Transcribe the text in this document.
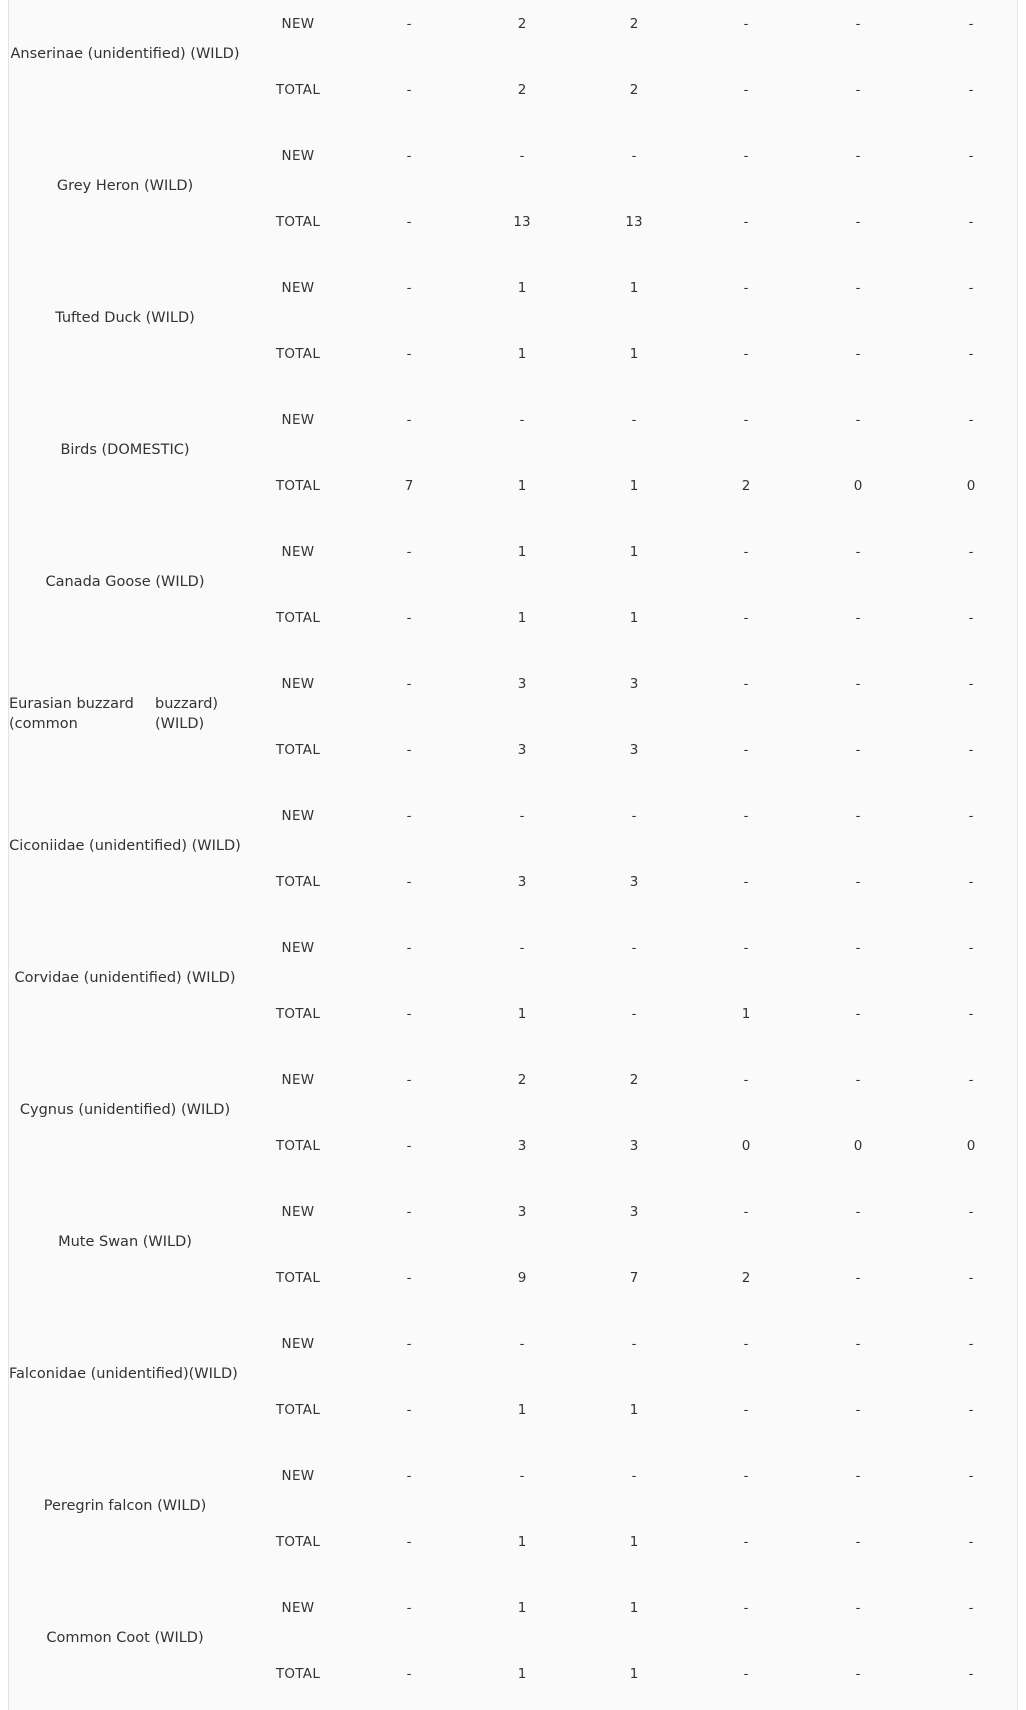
Anserinae (unidentified) (WILD)
NEW	-	2	2	-	-	-
TOTAL	-	2	2	-	-	-
Grey Heron (WILD)
NEW	-	-	-	-	-	-
TOTAL	-	13	13	-	-	-
Tufted Duck (WILD)
NEW	-	1	1	-	-	-
TOTAL	-	1	1	-	-	-
Birds (DOMESTIC)
NEW	-	-	-	-	-	-
TOTAL	7	1	1	2	0	0
Canada Goose (WILD)
NEW	-	1	1	-	-	-
TOTAL	-	1	1	-	-	-
Eurasian buzzard (common
buzzard) (WILD)
NEW	-	3	3	-	-	-
TOTAL	-	3	3	-	-	-
Ciconiidae (unidentified) (WILD)
NEW	-	-	-	-	-	-
TOTAL	-	3	3	-	-	-
Corvidae (unidentified) (WILD)
NEW	-	-	-	-	-	-
TOTAL	-	1	-	1	-	-
Cygnus (unidentified) (WILD)
NEW	-	2	2	-	-	-
TOTAL	-	3	3	0	0	0
Mute Swan (WILD)
NEW	-	3	3	-	-	-
TOTAL	-	9	7	2	-	-
Falconidae (unidentified) (WILD)
NEW	-	-	-	-	-	-
TOTAL	-	1	1	-	-	-
Peregrin falcon (WILD)
NEW	-	-	-	-	-	-
TOTAL	-	1	1	-	-	-
Common Coot (WILD)
NEW	-	1	1	-	-	-
TOTAL	-	1	1	-	-	-
